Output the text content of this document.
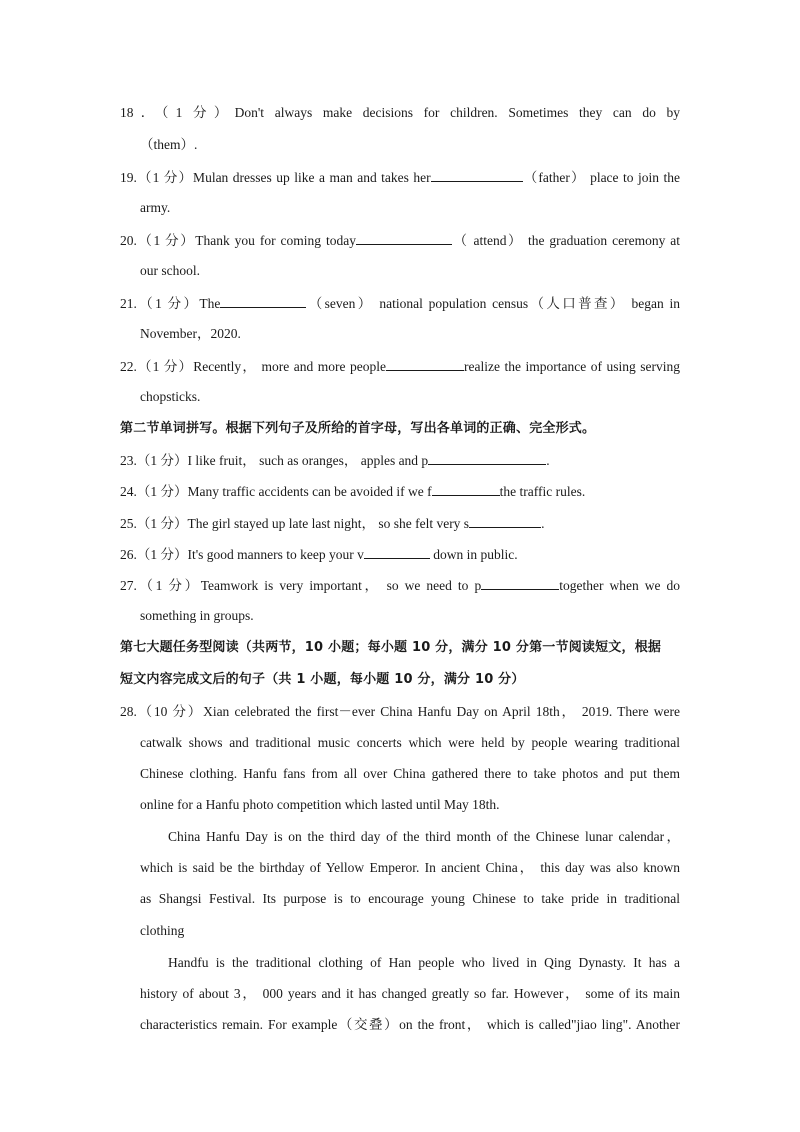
18．（1 分）Don't always make decisions for children. Sometimes they can do by
（them）.
19.（1 分）Mulan dresses up like a man and takes her	（father） place to join the
army.
20.（1 分）Thank you for coming today	（ attend） the graduation ceremony at
our school.
21.（1 分）The	（seven） national population census（人口普查） began in
November，2020.
22.（1 分）Recently， more and more people	realize the importance of using serving
chopsticks.
第二节单词拼写。根据下列句子及所给的首字母，写出各单词的正确、完全形式。
23.（1 分）I like fruit， such as oranges， apples and p	.
24.（1 分）Many traffic accidents can be avoided if we f	the traffic rules.
25.（1 分）The girl stayed up late last night， so she felt very s	.
26.（1 分）It's good manners to keep your v	down in public.
27.（1 分）Teamwork is very important， so we need to p	together when we do
something in groups.
第七大题任务型阅读（共两节，10 小题；每小题 10 分，满分 10 分第一节阅读短文，根据
短文内容完成文后的句子（共 1 小题，每小题 10 分，满分 10 分）
28.（10 分）Xian celebrated the first－ever China Hanfu Day on April 18th， 2019. There were
catwalk shows and traditional music concerts which were held by people wearing traditional
Chinese clothing. Hanfu fans from all over China gathered there to take photos and put them
online for a Hanfu photo competition which lasted until May 18th.
China Hanfu Day is on the third day of the third month of the Chinese lunar calendar，
which is said be the birthday of Yellow Emperor. In ancient China， this day was also known
as Shangsi Festival. Its purpose is to encourage young Chinese to take pride in traditional
clothing
Handfu is the traditional clothing of Han people who lived in Qing Dynasty. It has a
history of about 3， 000 years and it has changed greatly so far. However， some of its main
characteristics remain. For example（交叠）on the front， which is called"jiao ling". Another
